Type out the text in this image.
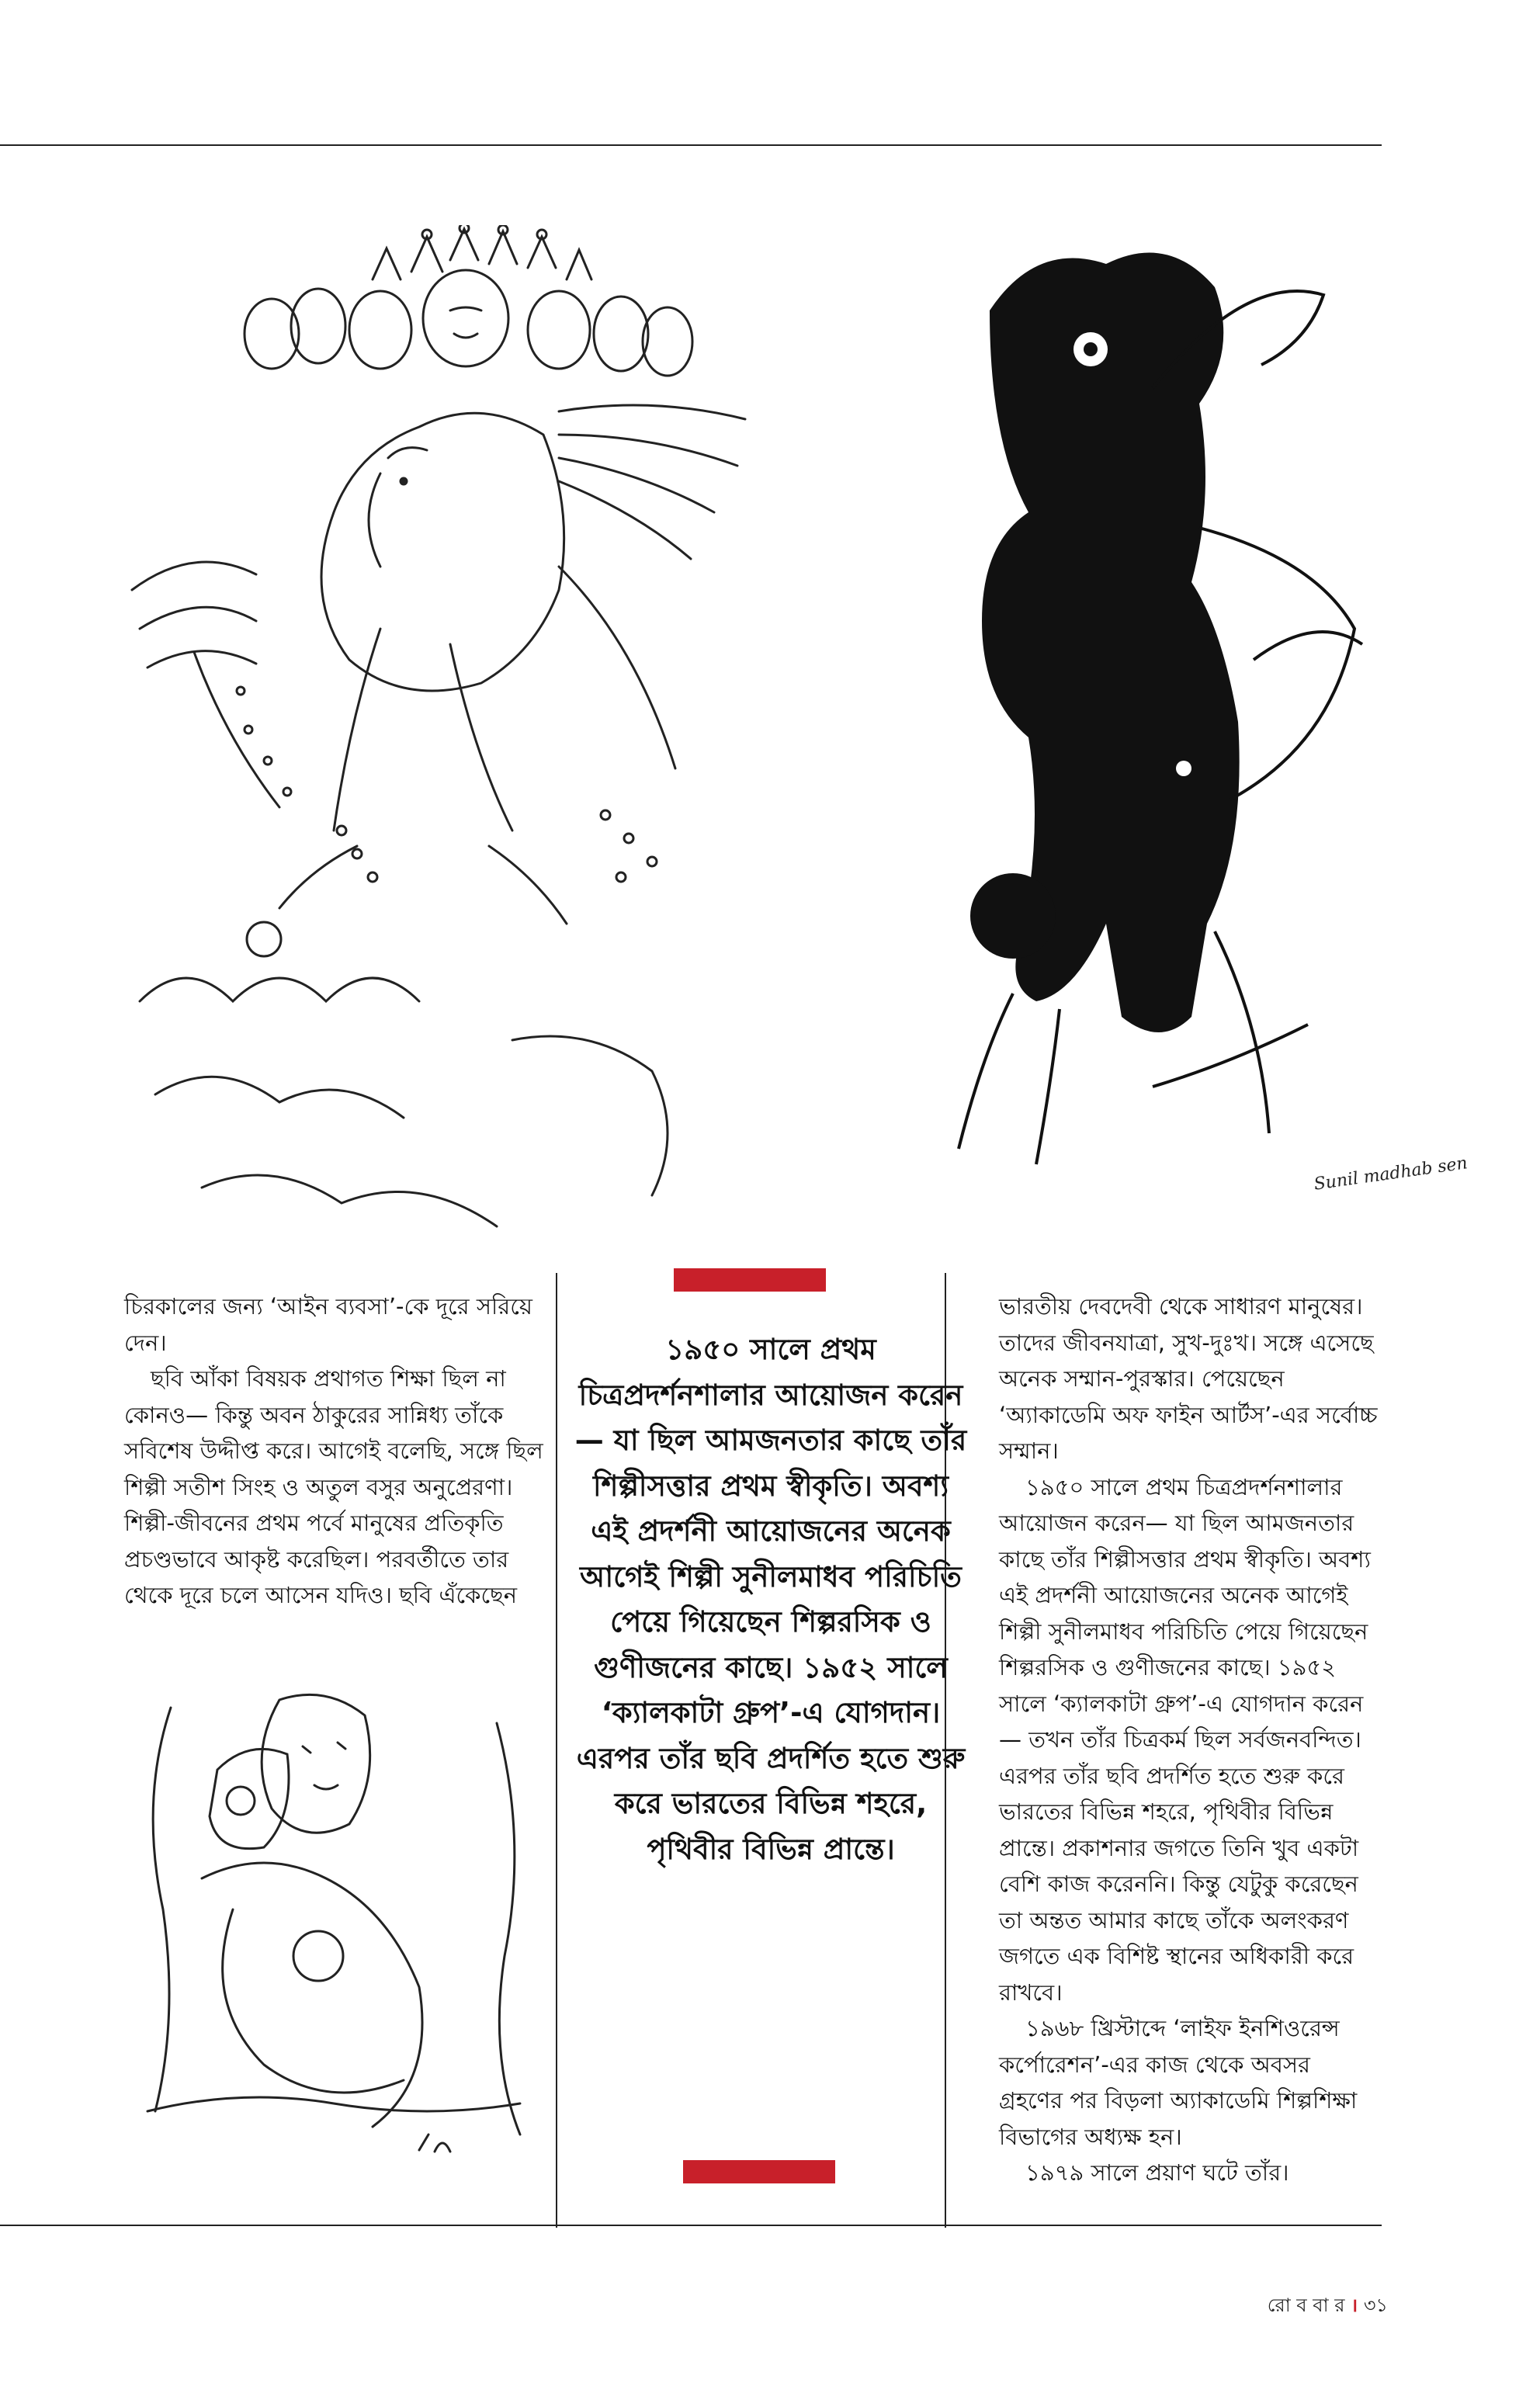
Sunil madhab sen

চিরকালের জন্য ‘আইন ব্যবসা’-কে দূরে সরিয়ে দেন।

ছবি আঁকা বিষয়ক প্রথাগত শিক্ষা ছিল না কোনও— কিন্তু অবন ঠাকুরের সান্নিধ্য তাঁকে সবিশেষ উদ্দীপ্ত করে। আগেই বলেছি, সঙ্গে ছিল শিল্পী সতীশ সিংহ ও অতুল বসুর অনুপ্রেরণা। শিল্পী-জীবনের প্রথম পর্বে মানুষের প্রতিকৃতি প্রচণ্ডভাবে আকৃষ্ট করেছিল। পরবর্তীতে তার থেকে দূরে চলে আসেন যদিও। ছবি এঁকেছেন

১৯৫০ সালে প্রথম চিত্রপ্রদর্শনশালার আয়োজন করেন— যা ছিল আমজনতার কাছে তাঁর শিল্পীসত্তার প্রথম স্বীকৃতি। অবশ্য এই প্রদর্শনী আয়োজনের অনেক আগেই শিল্পী সুনীলমাধব পরিচিতি পেয়ে গিয়েছেন শিল্পরসিক ও গুণীজনের কাছে। ১৯৫২ সালে ‘ক্যালকাটা গ্রুপ’-এ যোগদান। এরপর তাঁর ছবি প্রদর্শিত হতে শুরু করে ভারতের বিভিন্ন শহরে, পৃথিবীর বিভিন্ন প্রান্তে।

ভারতীয় দেবদেবী থেকে সাধারণ মানুষের। তাদের জীবনযাত্রা, সুখ-দুঃখ। সঙ্গে এসেছে অনেক সম্মান-পুরস্কার। পেয়েছেন ‘অ্যাকাডেমি অফ ফাইন আর্টস’-এর সর্বোচ্চ সম্মান।

১৯৫০ সালে প্রথম চিত্রপ্রদর্শনশালার আয়োজন করেন— যা ছিল আমজনতার কাছে তাঁর শিল্পীসত্তার প্রথম স্বীকৃতি। অবশ্য এই প্রদর্শনী আয়োজনের অনেক আগেই শিল্পী সুনীলমাধব পরিচিতি পেয়ে গিয়েছেন শিল্পরসিক ও গুণীজনের কাছে। ১৯৫২ সালে ‘ক্যালকাটা গ্রুপ’-এ যোগদান করেন— তখন তাঁর চিত্রকর্ম ছিল সর্বজনবন্দিত। এরপর তাঁর ছবি প্রদর্শিত হতে শুরু করে ভারতের বিভিন্ন শহরে, পৃথিবীর বিভিন্ন প্রান্তে। প্রকাশনার জগতে তিনি খুব একটা বেশি কাজ করেননি। কিন্তু যেটুকু করেছেন তা অন্তত আমার কাছে তাঁকে অলংকরণ জগতে এক বিশিষ্ট স্থানের অধিকারী করে রাখবে।

১৯৬৮ খ্রিস্টাব্দে ‘লাইফ ইনশিওরেন্স কর্পোরেশন’-এর কাজ থেকে অবসর গ্রহণের পর বিড়লা অ্যাকাডেমি শিল্পশিক্ষা বিভাগের অধ্যক্ষ হন।

১৯৭৯ সালে প্রয়াণ ঘটে তাঁর।

রো ব বা র । ৩১
